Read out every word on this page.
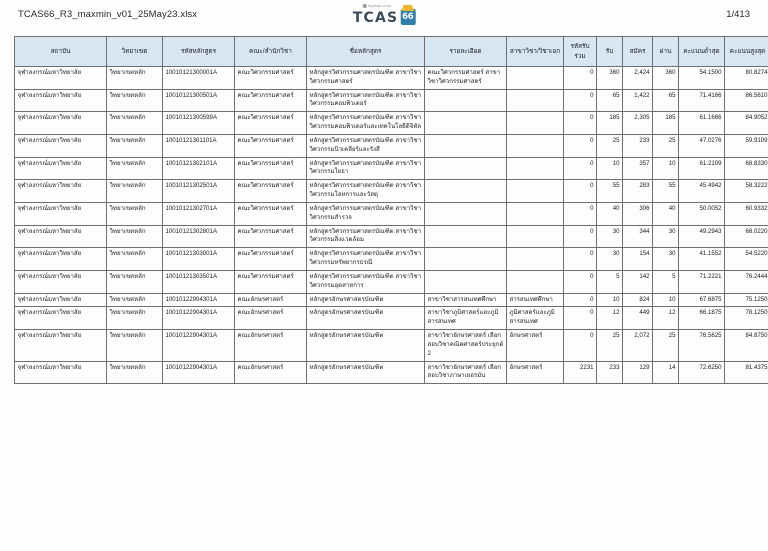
TCAS66_R3_maxmin_v01_25May23.xlsx
mytcas.com
TCAS 66	1/413
สถาบัน	วิทยาเขต	รหัสหลักสูตร	คณะ/สำนักวิชา	ชื่อหลักสูตร	รายละเอียด	สาขาวิชา/วิชาเอก	รหัสรับร่วม	รับ	สมัคร	ผ่าน	คะแนนต่ำสุด	คะแนนสูงสุด
จุฬาลงกรณ์มหาวิทยาลัย	วิทยาเขตหลัก	10010121300001A	คณะวิศวกรรมศาสตร์	หลักสูตรวิศวกรรมศาสตรบัณฑิต สาขาวิชาวิศวกรรมศาสตร์	คณะวิศวกรรมศาสตร์ สาขาวิชาวิศวกรรมศาสตร์		0	360	2,424	360	54.1500	80.8274
จุฬาลงกรณ์มหาวิทยาลัย	วิทยาเขตหลัก	10010121300501A	คณะวิศวกรรมศาสตร์	หลักสูตรวิศวกรรมศาสตรบัณฑิต สาขาวิชาวิศวกรรมคอมพิวเตอร์			0	65	1,422	65	71.4166	86.5610
จุฬาลงกรณ์มหาวิทยาลัย	วิทยาเขตหลัก	10010121300599A	คณะวิศวกรรมศาสตร์	หลักสูตรวิศวกรรมศาสตรบัณฑิต สาขาวิชาวิศวกรรมคอมพิวเตอร์และเทคโนโลยีดิจิทัล			0	185	2,305	185	61.1666	84.9052
จุฬาลงกรณ์มหาวิทยาลัย	วิทยาเขตหลัก	10010121301101A	คณะวิศวกรรมศาสตร์	หลักสูตรวิศวกรรมศาสตรบัณฑิต สาขาวิชาวิศวกรรมนิวเคลียร์และรังสี			0	25	233	25	47.0276	59.9109
จุฬาลงกรณ์มหาวิทยาลัย	วิทยาเขตหลัก	10010121302101A	คณะวิศวกรรมศาสตร์	หลักสูตรวิศวกรรมศาสตรบัณฑิต สาขาวิชาวิศวกรรมโยธา			0	10	357	10	61.2109	68.8330
จุฬาลงกรณ์มหาวิทยาลัย	วิทยาเขตหลัก	10010121302501A	คณะวิศวกรรมศาสตร์	หลักสูตรวิศวกรรมศาสตรบัณฑิต สาขาวิชาวิศวกรรมโลหการและวัสดุ			0	55	283	55	45.4942	58.3222
จุฬาลงกรณ์มหาวิทยาลัย	วิทยาเขตหลัก	10010121302701A	คณะวิศวกรรมศาสตร์	หลักสูตรวิศวกรรมศาสตรบัณฑิต สาขาวิชาวิศวกรรมสำรวจ			0	40	306	40	50.0052	60.9332
จุฬาลงกรณ์มหาวิทยาลัย	วิทยาเขตหลัก	10010121302801A	คณะวิศวกรรมศาสตร์	หลักสูตรวิศวกรรมศาสตรบัณฑิต สาขาวิชาวิศวกรรมสิ่งแวดล้อม			0	30	344	30	49.2943	68.0220
จุฬาลงกรณ์มหาวิทยาลัย	วิทยาเขตหลัก	10010121303001A	คณะวิศวกรรมศาสตร์	หลักสูตรวิศวกรรมศาสตรบัณฑิต สาขาวิชาวิศวกรรมทรัพยากรธรณี			0	30	154	30	41.1552	54.5220
จุฬาลงกรณ์มหาวิทยาลัย	วิทยาเขตหลัก	10010121303501A	คณะวิศวกรรมศาสตร์	หลักสูตรวิศวกรรมศาสตรบัณฑิต สาขาวิชาวิศวกรรมอุตสาหการ			0	5	142	5	71.2221	76.2444
จุฬาลงกรณ์มหาวิทยาลัย	วิทยาเขตหลัก	10010122904301A	คณะอักษรศาสตร์	หลักสูตรอักษรศาสตรบัณฑิต	สาขาวิชาสารสนเทศศึกษา	สารสนเทศศึกษา	0	10	824	10	67.6875	75.1250
จุฬาลงกรณ์มหาวิทยาลัย	วิทยาเขตหลัก	10010122904301A	คณะอักษรศาสตร์	หลักสูตรอักษรศาสตรบัณฑิต	สาขาวิชาภูมิศาสตร์และภูมิสารสนเทศ	ภูมิศาสตร์และภูมิสารสนเทศ	0	12	449	12	66.1875	78.1250
จุฬาลงกรณ์มหาวิทยาลัย	วิทยาเขตหลัก	10010122904301A	คณะอักษรศาสตร์	หลักสูตรอักษรศาสตรบัณฑิต	สาขาวิชาอักษรศาสตร์ เลือกสอบวิชาคณิตศาสตร์ประยุกต์ 2	อักษรศาสตร์	0	25	2,072	25	76.5625	84.8750
จุฬาลงกรณ์มหาวิทยาลัย	วิทยาเขตหลัก	10010122904301A	คณะอักษรศาสตร์	หลักสูตรอักษรศาสตรบัณฑิต	สาขาวิชาอักษรศาสตร์ เลือกสอบวิชาภาษาเยอรมัน	อักษรศาสตร์	2231	233	129	14	72.6250	81.4375
